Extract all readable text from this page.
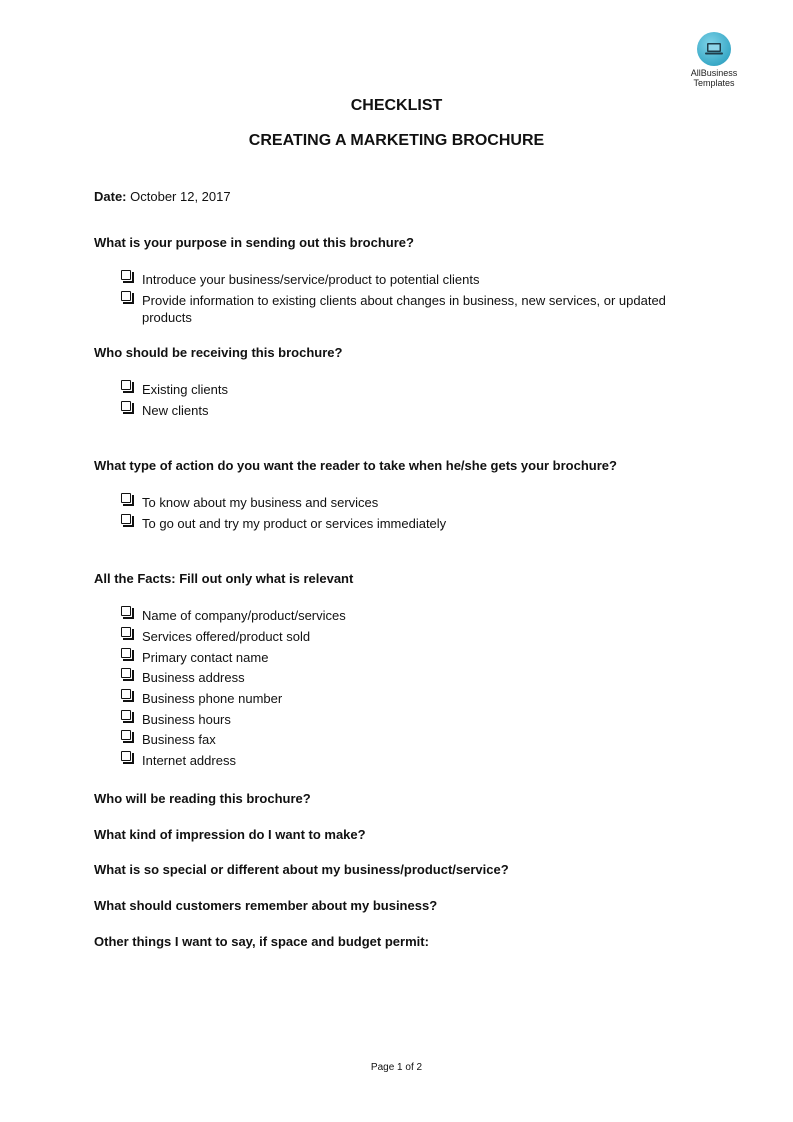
AllBusiness
Templates
CHECKLIST
CREATING A MARKETING BROCHURE
Date: October 12, 2017
What is your purpose in sending out this brochure?
Introduce your business/service/product to potential clients
Provide information to existing clients about changes in business, new services, or updated products
Who should be receiving this brochure?
Existing clients
New clients
What type of action do you want the reader to take when he/she gets your brochure?
To know about my business and services
To go out and try my product or services immediately
All the Facts: Fill out only what is relevant
Name of company/product/services
Services offered/product sold
Primary contact name
Business address
Business phone number
Business hours
Business fax
Internet address
Who will be reading this brochure?
What kind of impression do I want to make?
What is so special or different about my business/product/service?
What should customers remember about my business?
Other things I want to say, if space and budget permit:
Page 1 of 2
